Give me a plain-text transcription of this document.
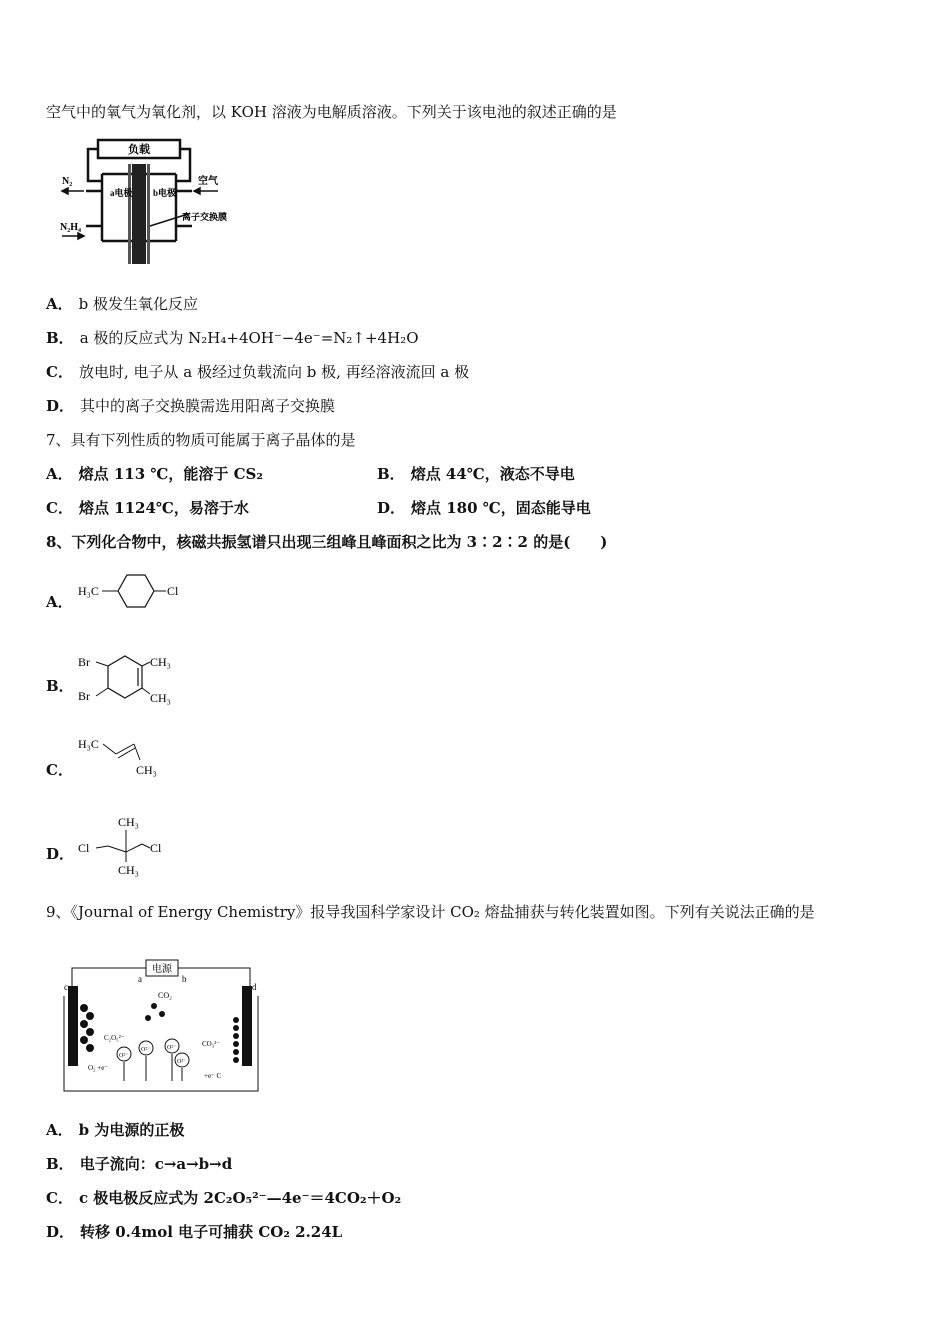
空气中的氧气为氧化剂，以 KOH 溶液为电解质溶液。下列关于该电池的叙述正确的是
负载
N₂
N₂H₄
空气
a电极 b电极
离子交换膜
A． b 极发生氧化反应
B． a 极的反应式为 N₂H₄+4OH⁻−4e⁻=N₂↑+4H₂O
C． 放电时, 电子从 a 极经过负载流向 b 极, 再经溶液流回 a 极
D． 其中的离子交换膜需选用阳离子交换膜
7、具有下列性质的物质可能属于离子晶体的是
A． 熔点 113 ℃，能溶于 CS₂	B． 熔点 44℃，液态不导电
C． 熔点 1124℃，易溶于水	D． 熔点 180 ℃，固态能导电
8、下列化合物中，核磁共振氢谱只出现三组峰且峰面积之比为 3∶2∶2 的是(　　)
A．
H₃C	Cl
B．
Br
Br
CH₃
CH₃
C．
H₃C
CH₃
D．
CH₃
Cl	Cl
CH₃
9、《Journal of Energy Chemistry》报导我国科学家设计 CO₂ 熔盐捕获与转化装置如图。下列有关说法正确的是
电源
a	b
c	d
CO₂
C₂O₅²⁻
CO₃²⁻
O²⁻
O²⁻	O²⁻
O²⁻
O₂ +e⁻
+e⁻ C
A． b 为电源的正极
B． 电子流向：c→a→b→d
C． c 极电极反应式为 2C₂O₅²⁻—4e⁻＝4CO₂＋O₂
D． 转移 0.4mol 电子可捕获 CO₂ 2.24L
